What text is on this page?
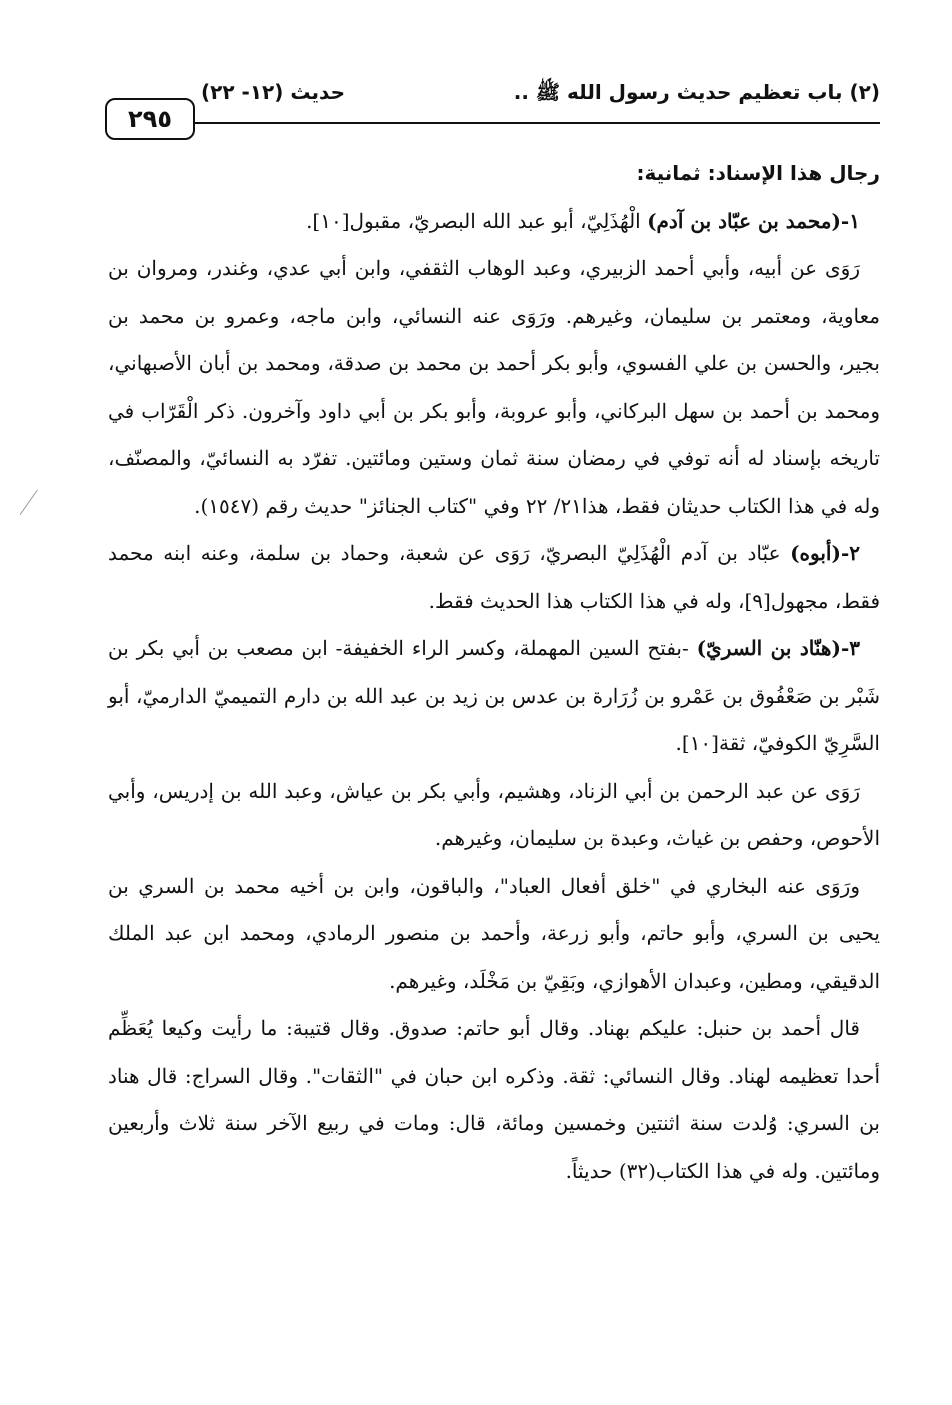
٢٩٥
حديث (١٢- ٢٢)	(٢) باب تعظيم حديث رسول الله ﷺ ..

رجال هذا الإسناد: ثمانية:

١-(محمد بن عبّاد بن آدم) الْهُذَلِيّ، أبو عبد الله البصريّ، مقبول[١٠].

رَوَى عن أبيه، وأبي أحمد الزبيري، وعبد الوهاب الثقفي، وابن أبي عدي، وغندر، ومروان بن معاوية، ومعتمر بن سليمان، وغيرهم. ورَوَى عنه النسائي، وابن ماجه، وعمرو بن محمد بن بجير، والحسن بن علي الفسوي، وأبو بكر أحمد بن محمد بن صدقة، ومحمد بن أبان الأصبهاني، ومحمد بن أحمد بن سهل البركاني، وأبو عروبة، وأبو بكر بن أبي داود وآخرون. ذكر الْقَرّاب في تاريخه بإسناد له أنه توفي في رمضان سنة ثمان وستين ومائتين. تفرّد به النسائيّ، والمصنّف، وله في هذا الكتاب حديثان فقط، هذا٢١/ ٢٢ وفي "كتاب الجنائز" حديث رقم (١٥٤٧).

٢-(أبوه) عبّاد بن آدم الْهُذَلِيّ البصريّ، رَوَى عن شعبة، وحماد بن سلمة، وعنه ابنه محمد فقط، مجهول[٩]، وله في هذا الكتاب هذا الحديث فقط.

٣-(هنّاد بن السريّ) -بفتح السين المهملة، وكسر الراء الخفيفة- ابن مصعب بن أبي بكر بن شَبْر بن صَعْفُوق بن عَمْرو بن زُرَارة بن عدس بن زيد بن عبد الله بن دارم التميميّ الدارميّ، أبو السَّرِيّ الكوفيّ، ثقة[١٠].

رَوَى عن عبد الرحمن بن أبي الزناد، وهشيم، وأبي بكر بن عياش، وعبد الله بن إدريس، وأبي الأحوص، وحفص بن غياث، وعبدة بن سليمان، وغيرهم.

ورَوَى عنه البخاري في "خلق أفعال العباد"، والباقون، وابن بن أخيه محمد بن السري بن يحيى بن السري، وأبو حاتم، وأبو زرعة، وأحمد بن منصور الرمادي، ومحمد ابن عبد الملك الدقيقي، ومطين، وعبدان الأهوازي، وبَقِيّ بن مَخْلَد، وغيرهم.

قال أحمد بن حنبل: عليكم بهناد. وقال أبو حاتم: صدوق. وقال قتيبة: ما رأيت وكيعا يُعَظِّم أحدا تعظيمه لهناد. وقال النسائي: ثقة. وذكره ابن حبان في "الثقات". وقال السراج: قال هناد بن السري: وُلدت سنة اثنتين وخمسين ومائة، قال: ومات في ربيع الآخر سنة ثلاث وأربعين ومائتين. وله في هذا الكتاب(٣٢) حديثاً.
